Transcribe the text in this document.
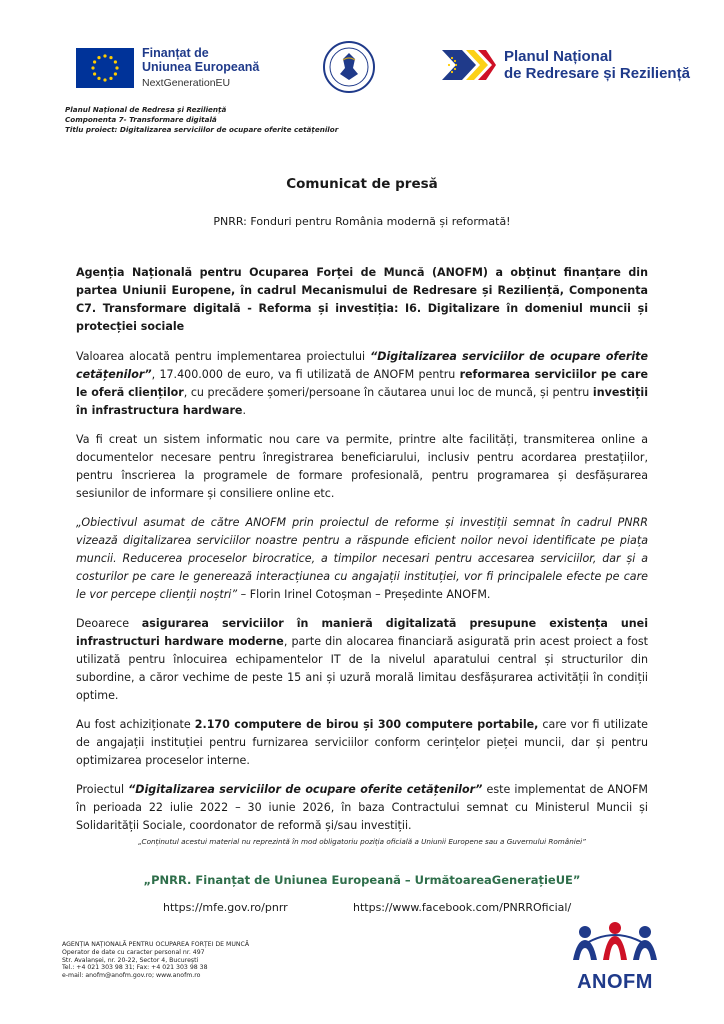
Finanțat de
Uniunea Europeană
NextGenerationEU
Planul Național
de Redresare și Reziliență
Planul Național de Redresa și Reziliență
Componenta 7- Transformare digitală
Titlu proiect: Digitalizarea serviciilor de ocupare oferite cetățenilor
Comunicat de presă
PNRR: Fonduri pentru România modernă și reformată!

Agenția Națională pentru Ocuparea Forței de Muncă (ANOFM) a obținut finanțare din partea Uniunii Europene, în cadrul Mecanismului de Redresare și Reziliență, Componenta C7. Transformare digitală - Reforma și investiția: I6. Digitalizare în domeniul muncii și protecției sociale

Valoarea alocată pentru implementarea proiectului “Digitalizarea serviciilor de ocupare oferite cetățenilor”, 17.400.000 de euro, va fi utilizată de ANOFM pentru reformarea serviciilor pe care le oferă clienților, cu precădere șomeri/persoane în căutarea unui loc de muncă, și pentru investiții în infrastructura hardware.

Va fi creat un sistem informatic nou care va permite, printre alte facilități, transmiterea online a documentelor necesare pentru înregistrarea beneficiarului, inclusiv pentru acordarea prestațiilor, pentru înscrierea la programele de formare profesională, pentru programarea și desfășurarea sesiunilor de informare și consiliere online etc.

„Obiectivul asumat de către ANOFM prin proiectul de reforme și investiții semnat în cadrul PNRR vizează digitalizarea serviciilor noastre pentru a răspunde eficient noilor nevoi identificate pe piața muncii. Reducerea proceselor birocratice, a timpilor necesari pentru accesarea serviciilor, dar și a costurilor pe care le generează interacțiunea cu angajații instituției, vor fi principalele efecte pe care le vor percepe clienții noștri” – Florin Irinel Cotoșman – Președinte ANOFM.

Deoarece asigurarea serviciilor în manieră digitalizată presupune existența unei infrastructuri hardware moderne, parte din alocarea financiară asigurată prin acest proiect a fost utilizată pentru înlocuirea echipamentelor IT de la nivelul aparatului central și structurilor din subordine, a căror vechime de peste 15 ani și uzură morală limitau desfășurarea activității în condiții optime.

Au fost achiziționate 2.170 computere de birou și 300 computere portabile, care vor fi utilizate de angajații instituției pentru furnizarea serviciilor conform cerințelor pieței muncii, dar și pentru optimizarea proceselor interne.

Proiectul “Digitalizarea serviciilor de ocupare oferite cetățenilor” este implementat de ANOFM în perioada 22 iulie 2022 – 30 iunie 2026, în baza Contractului semnat cu Ministerul Muncii și Solidarității Sociale, coordonator de reformă și/sau investiții.

„Conținutul acestui material nu reprezintă în mod obligatoriu poziția oficială a Uniunii Europene sau a Guvernului României”
„PNRR. Finanțat de Uniunea Europeană – UrmătoareaGenerațieUE”
https://mfe.gov.ro/pnrr	https://www.facebook.com/PNRROficial/
AGENȚIA NAȚIONALĂ PENTRU OCUPAREA FORȚEI DE MUNCĂ
Operator de date cu caracter personal nr. 497
Str. Avalanșei, nr. 20-22, Sector 4, București
Tel.: +4 021 303 98 31; Fax: +4 021 303 98 38
e-mail: anofm@anofm.gov.ro; www.anofm.ro	ANOFM
